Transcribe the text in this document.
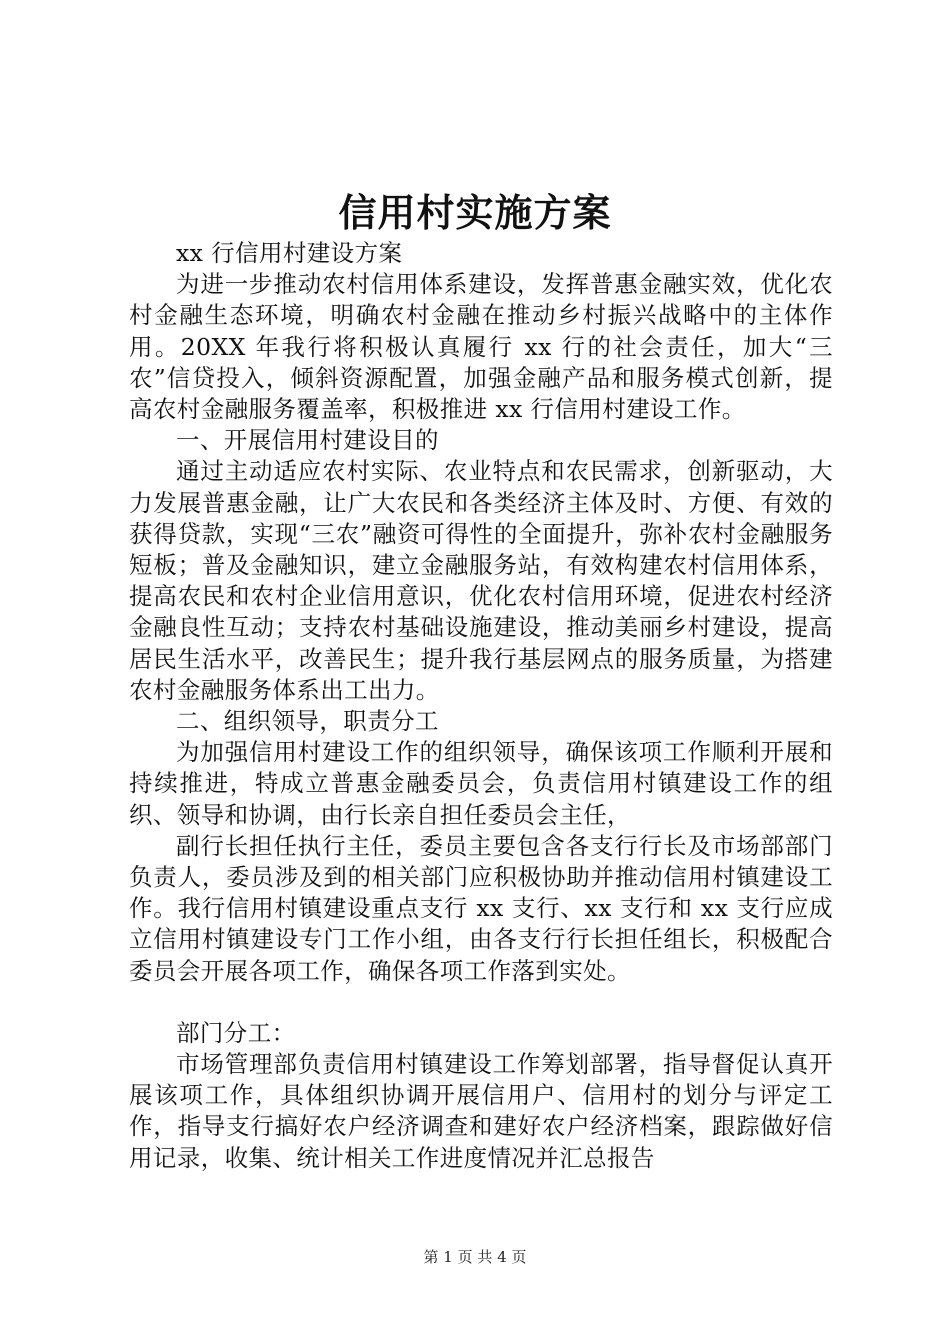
信用村实施方案

xx 行信用村建设方案

为进一步推动农村信用体系建设，发挥普惠金融实效，优化农村金融生态环境，明确农村金融在推动乡村振兴战略中的主体作用。20XX 年我行将积极认真履行 xx 行的社会责任，加大“三农”信贷投入，倾斜资源配置，加强金融产品和服务模式创新，提高农村金融服务覆盖率，积极推进 xx 行信用村建设工作。

一、开展信用村建设目的

通过主动适应农村实际、农业特点和农民需求，创新驱动，大力发展普惠金融，让广大农民和各类经济主体及时、方便、有效的获得贷款，实现“三农”融资可得性的全面提升，弥补农村金融服务短板；普及金融知识，建立金融服务站，有效构建农村信用体系，提高农民和农村企业信用意识，优化农村信用环境，促进农村经济金融良性互动；支持农村基础设施建设，推动美丽乡村建设，提高居民生活水平，改善民生；提升我行基层网点的服务质量，为搭建农村金融服务体系出工出力。

二、组织领导，职责分工

为加强信用村建设工作的组织领导，确保该项工作顺利开展和持续推进，特成立普惠金融委员会，负责信用村镇建设工作的组织、领导和协调，由行长亲自担任委员会主任，

副行长担任执行主任，委员主要包含各支行行长及市场部部门负责人，委员涉及到的相关部门应积极协助并推动信用村镇建设工作。我行信用村镇建设重点支行 xx 支行、xx 支行和 xx 支行应成立信用村镇建设专门工作小组，由各支行行长担任组长，积极配合委员会开展各项工作，确保各项工作落到实处。

部门分工：

市场管理部负责信用村镇建设工作筹划部署，指导督促认真开展该项工作，具体组织协调开展信用户、信用村的划分与评定工作，指导支行搞好农户经济调查和建好农户经济档案，跟踪做好信用记录，收集、统计相关工作进度情况并汇总报告

第 1 页 共 4 页
